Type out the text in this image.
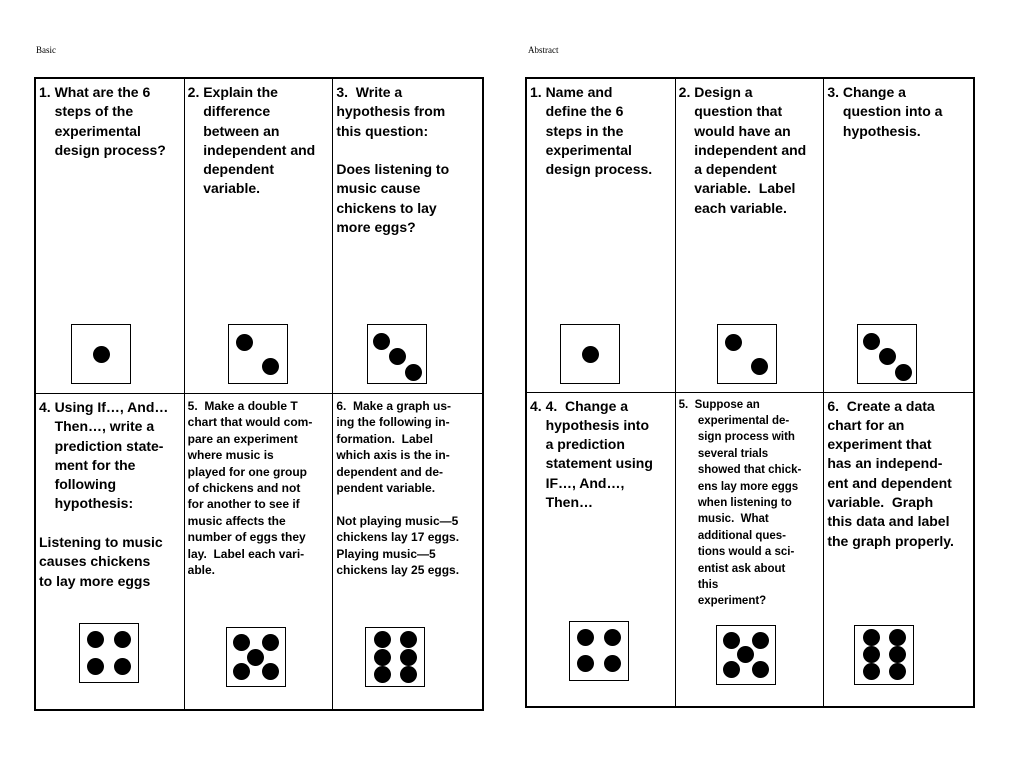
Basic	Abstract

1. What are the 6
steps of the
experimental
design process?

2. Explain the
difference
between an
independent and
dependent
variable.

3.  Write a
hypothesis from
this question:

Does listening to
music cause
chickens to lay
more eggs?

4. Using If…, And…
Then…, write a
prediction state-
ment for the
following
hypothesis:

Listening to music
causes chickens
to lay more eggs

5.  Make a double T
chart that would com-
pare an experiment
where music is
played for one group
of chickens and not
for another to see if
music affects the
number of eggs they
lay.  Label each vari-
able.

6.  Make a graph us-
ing the following in-
formation.  Label
which axis is the in-
dependent and de-
pendent variable.

Not playing music—5
chickens lay 17 eggs.
Playing music—5
chickens lay 25 eggs.

1. Name and
define the 6
steps in the
experimental
design process.

2. Design a
question that
would have an
independent and
a dependent
variable.  Label
each variable.

3. Change a
question into a
hypothesis.

4. 4.  Change a
hypothesis into
a prediction
statement using
IF…, And…,
Then…

5.  Suppose an
experimental de-
sign process with
several trials
showed that chick-
ens lay more eggs
when listening to
music.  What
additional ques-
tions would a sci-
entist ask about
this
experiment?

6.  Create a data
chart for an
experiment that
has an independ-
ent and dependent
variable.  Graph
this data and label
the graph properly.
